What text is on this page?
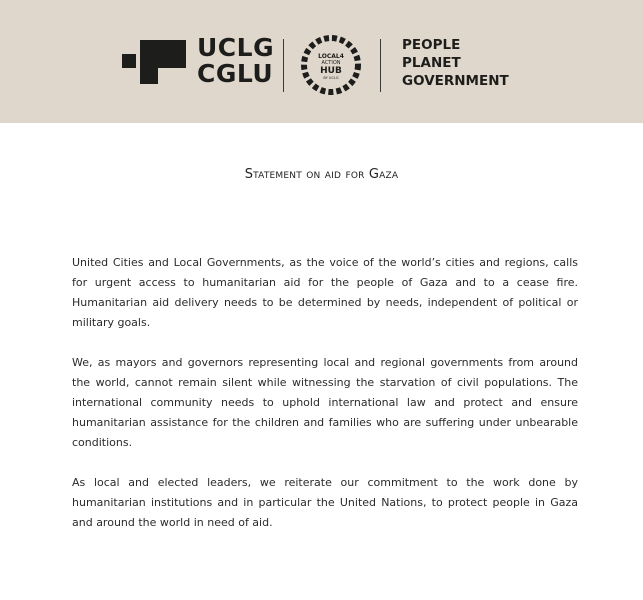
UCLG
CGLU
LOCAL4
ACTION
HUB
BY UCLG
PEOPLE
PLANET
GOVERNMENT
Statement on aid for Gaza

United Cities and Local Governments, as the voice of the world’s cities and regions, calls for urgent access to humanitarian aid for the people of Gaza and to a cease fire. Humanitarian aid delivery needs to be determined by needs, independent of political or military goals.

We, as mayors and governors representing local and regional governments from around the world, cannot remain silent while witnessing the starvation of civil populations. The international community needs to uphold international law and protect and ensure humanitarian assistance for the children and families who are suffering under unbearable conditions.

As local and elected leaders, we reiterate our commitment to the work done by humanitarian institutions and in particular the United Nations, to protect people in Gaza and around the world in need of aid.
